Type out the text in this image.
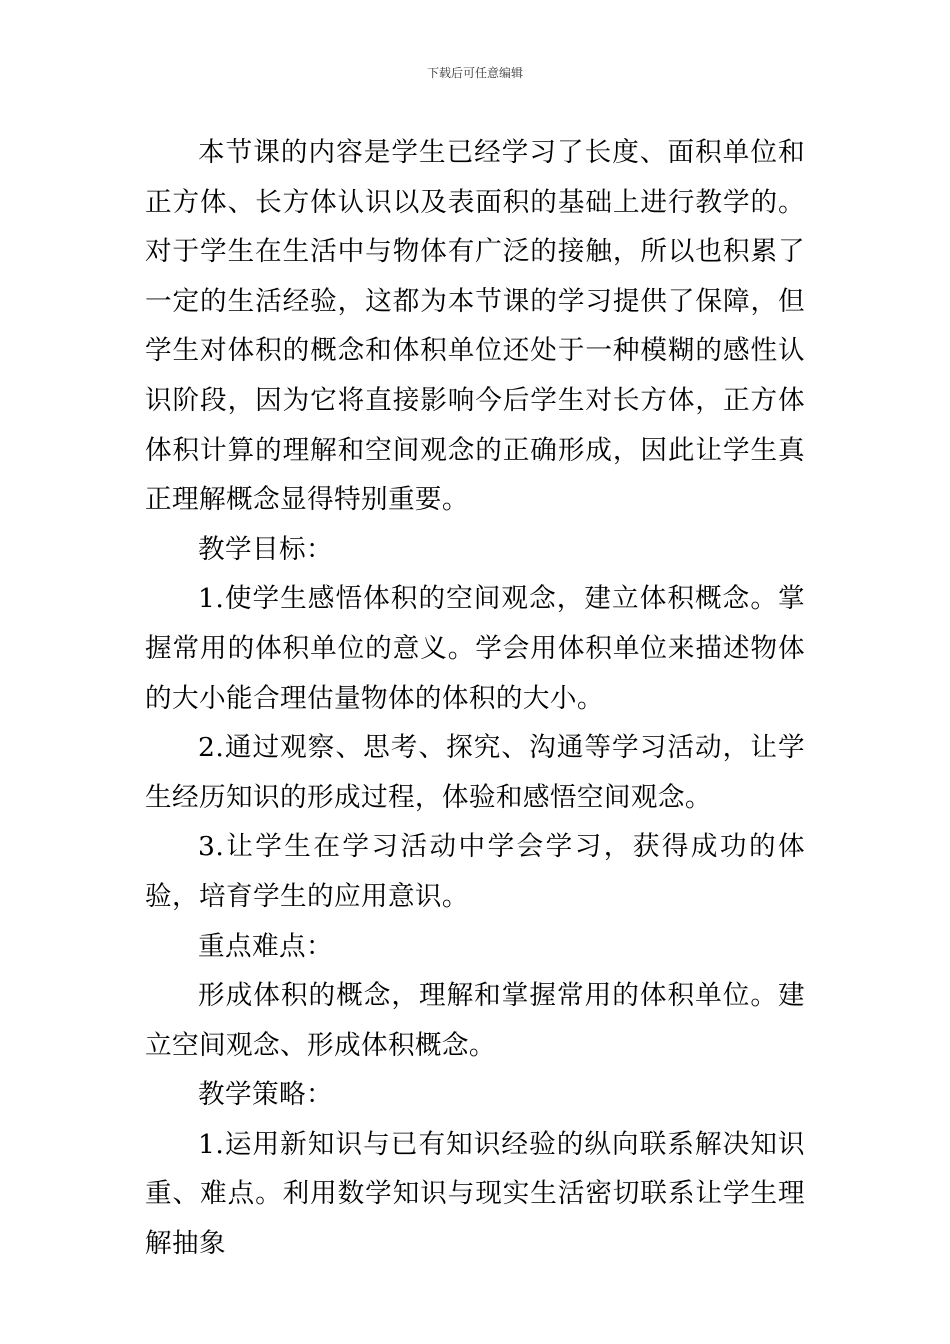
下载后可任意编辑

本节课的内容是学生已经学习了长度、面积单位和正方体、长方体认识以及表面积的基础上进行教学的。对于学生在生活中与物体有广泛的接触，所以也积累了一定的生活经验，这都为本节课的学习提供了保障，但学生对体积的概念和体积单位还处于一种模糊的感性认识阶段，因为它将直接影响今后学生对长方体，正方体体积计算的理解和空间观念的正确形成，因此让学生真正理解概念显得特别重要。

教学目标：

1.使学生感悟体积的空间观念，建立体积概念。掌握常用的体积单位的意义。学会用体积单位来描述物体的大小能合理估量物体的体积的大小。

2.通过观察、思考、探究、沟通等学习活动，让学生经历知识的形成过程，体验和感悟空间观念。

3.让学生在学习活动中学会学习，获得成功的体验，培育学生的应用意识。

重点难点：

形成体积的概念，理解和掌握常用的体积单位。建立空间观念、形成体积概念。

教学策略：

1.运用新知识与已有知识经验的纵向联系解决知识重、难点。利用数学知识与现实生活密切联系让学生理解抽象
